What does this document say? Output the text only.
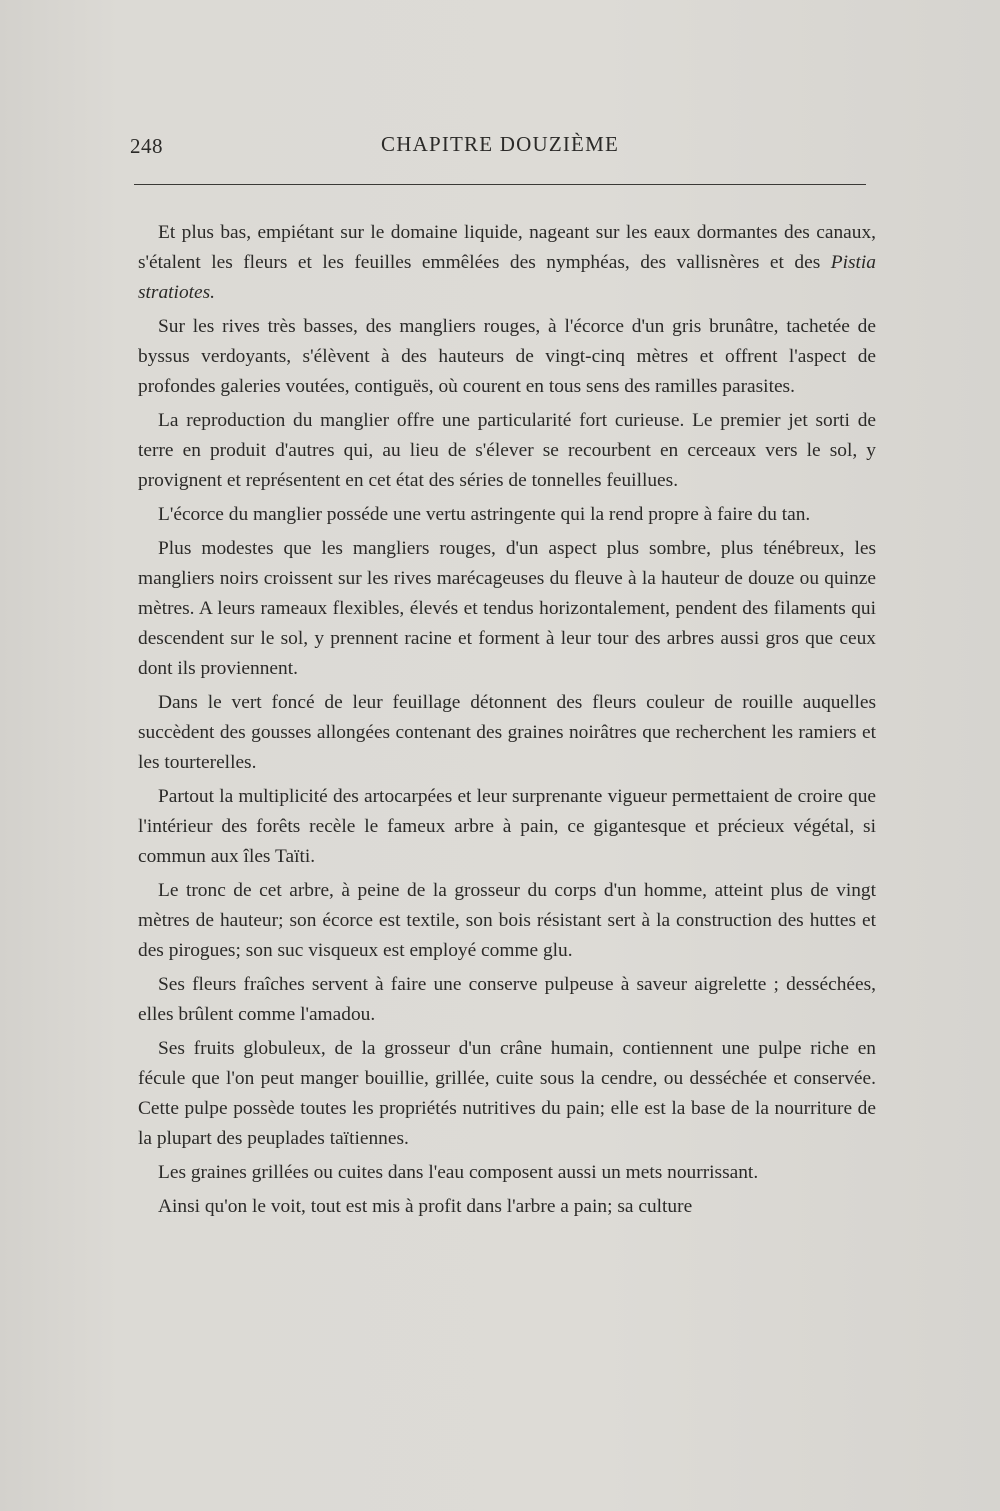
248	CHAPITRE DOUZIÈME

Et plus bas, empiétant sur le domaine liquide, nageant sur les eaux dormantes des canaux, s'étalent les fleurs et les feuilles emmêlées des nymphéas, des vallisnères et des Pistia stratiotes.

Sur les rives très basses, des mangliers rouges, à l'écorce d'un gris brunâtre, tachetée de byssus verdoyants, s'élèvent à des hauteurs de vingt-cinq mètres et offrent l'aspect de profondes galeries voutées, contiguës, où courent en tous sens des ramilles parasites.

La reproduction du manglier offre une particularité fort curieuse. Le premier jet sorti de terre en produit d'autres qui, au lieu de s'élever se recourbent en cerceaux vers le sol, y provignent et représentent en cet état des séries de tonnelles feuillues.

L'écorce du manglier posséde une vertu astringente qui la rend propre à faire du tan.

Plus modestes que les mangliers rouges, d'un aspect plus sombre, plus ténébreux, les mangliers noirs croissent sur les rives marécageuses du fleuve à la hauteur de douze ou quinze mètres. A leurs rameaux flexibles, élevés et tendus horizontalement, pendent des filaments qui descendent sur le sol, y prennent racine et forment à leur tour des arbres aussi gros que ceux dont ils proviennent.

Dans le vert foncé de leur feuillage détonnent des fleurs couleur de rouille auquelles succèdent des gousses allongées contenant des graines noirâtres que recherchent les ramiers et les tourterelles.

Partout la multiplicité des artocarpées et leur surprenante vigueur permettaient de croire que l'intérieur des forêts recèle le fameux arbre à pain, ce gigantesque et précieux végétal, si commun aux îles Taïti.

Le tronc de cet arbre, à peine de la grosseur du corps d'un homme, atteint plus de vingt mètres de hauteur; son écorce est textile, son bois résistant sert à la construction des huttes et des pirogues; son suc visqueux est employé comme glu.

Ses fleurs fraîches servent à faire une conserve pulpeuse à saveur aigrelette ; desséchées, elles brûlent comme l'amadou.

Ses fruits globuleux, de la grosseur d'un crâne humain, contiennent une pulpe riche en fécule que l'on peut manger bouillie, grillée, cuite sous la cendre, ou desséchée et conservée. Cette pulpe possède toutes les propriétés nutritives du pain; elle est la base de la nourriture de la plupart des peuplades taïtiennes.

Les graines grillées ou cuites dans l'eau composent aussi un mets nourrissant.

Ainsi qu'on le voit, tout est mis à profit dans l'arbre a pain; sa culture
